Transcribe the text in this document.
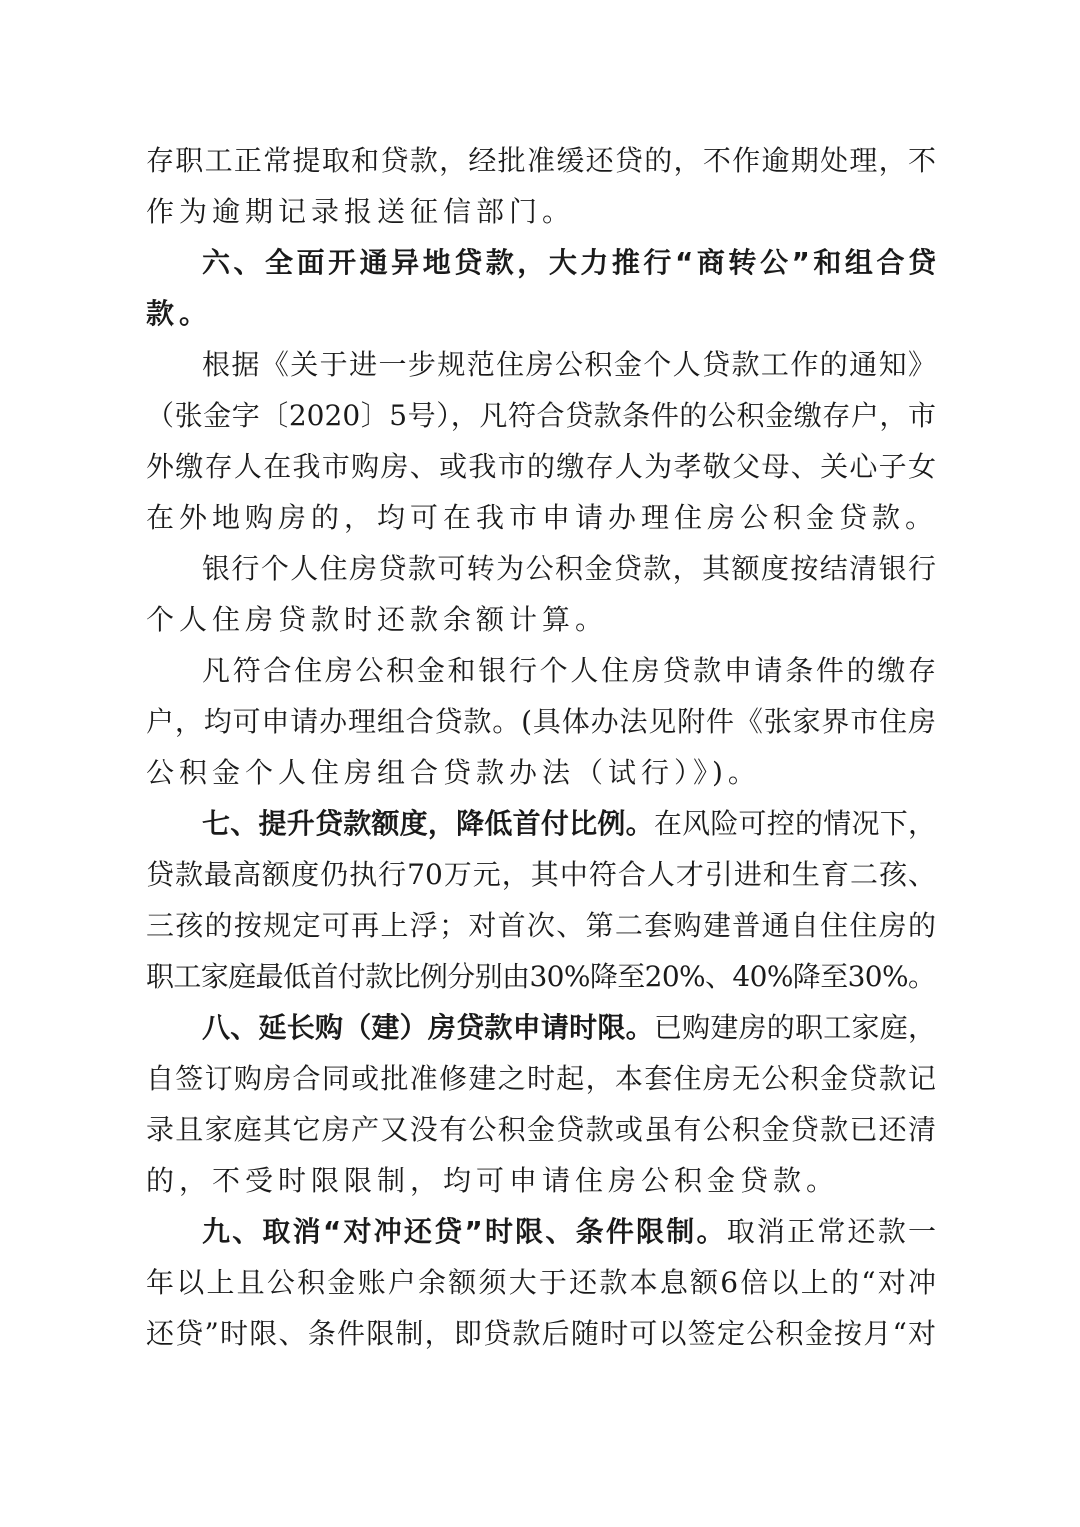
存职工正常提取和贷款，经批准缓还贷的，不作逾期处理，不
作为逾期记录报送征信部门。
六、全面开通异地贷款，大力推行“商转公”和组合贷
款。
根据《关于进一步规范住房公积金个人贷款工作的通知》
（张金字〔2020〕5号），凡符合贷款条件的公积金缴存户，市
外缴存人在我市购房、或我市的缴存人为孝敬父母、关心子女
在外地购房的，均可在我市申请办理住房公积金贷款。
银行个人住房贷款可转为公积金贷款，其额度按结清银行
个人住房贷款时还款余额计算。
凡符合住房公积金和银行个人住房贷款申请条件的缴存
户，均可申请办理组合贷款。(具体办法见附件《张家界市住房
公积金个人住房组合贷款办法（试行）》)。
七、提升贷款额度，降低首付比例。在风险可控的情况下，
贷款最高额度仍执行70万元，其中符合人才引进和生育二孩、
三孩的按规定可再上浮；对首次、第二套购建普通自住住房的
职工家庭最低首付款比例分别由30%降至20%、40%降至30%。
八、延长购（建）房贷款申请时限。已购建房的职工家庭，
自签订购房合同或批准修建之时起，本套住房无公积金贷款记
录且家庭其它房产又没有公积金贷款或虽有公积金贷款已还清
的，不受时限限制，均可申请住房公积金贷款。
九、取消“对冲还贷”时限、条件限制。取消正常还款一
年以上且公积金账户余额须大于还款本息额6倍以上的“对冲
还贷”时限、条件限制，即贷款后随时可以签定公积金按月“对
